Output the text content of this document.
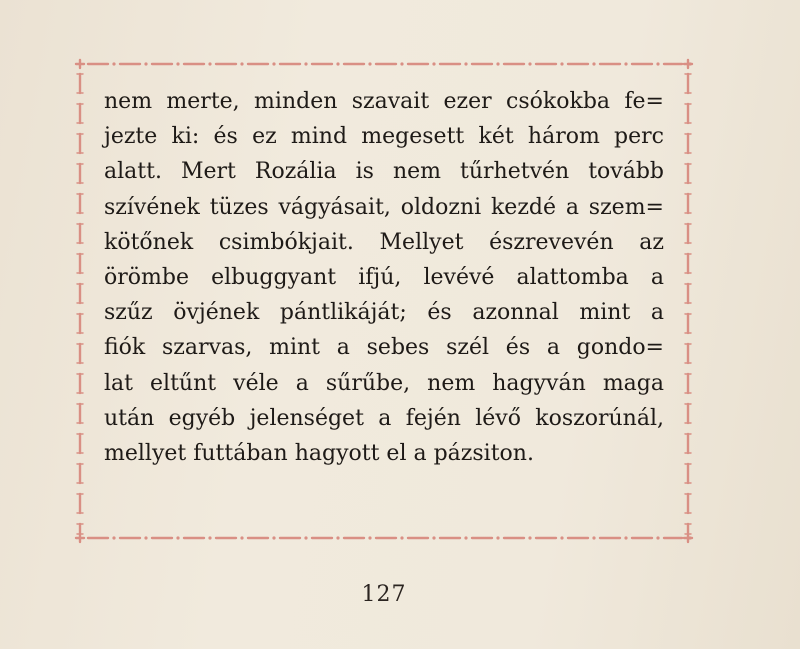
nem merte, minden szavait ezer csókokba fe=
jezte ki: és ez mind megesett két három perc
alatt. Mert Rozália is nem tűrhetvén tovább
szívének tüzes vágyásait, oldozni kezdé a szem=
kötőnek csimbókjait. Mellyet észrevevén az
örömbe elbuggyant ifjú, levévé alattomba a
szűz övjének pántlikáját; és azonnal mint a
fiók szarvas, mint a sebes szél és a gondo=
lat eltűnt véle a sűrűbe, nem hagyván maga
után egyéb jelenséget a fején lévő koszorúnál,
mellyet futtában hagyott el a pázsiton.
127
